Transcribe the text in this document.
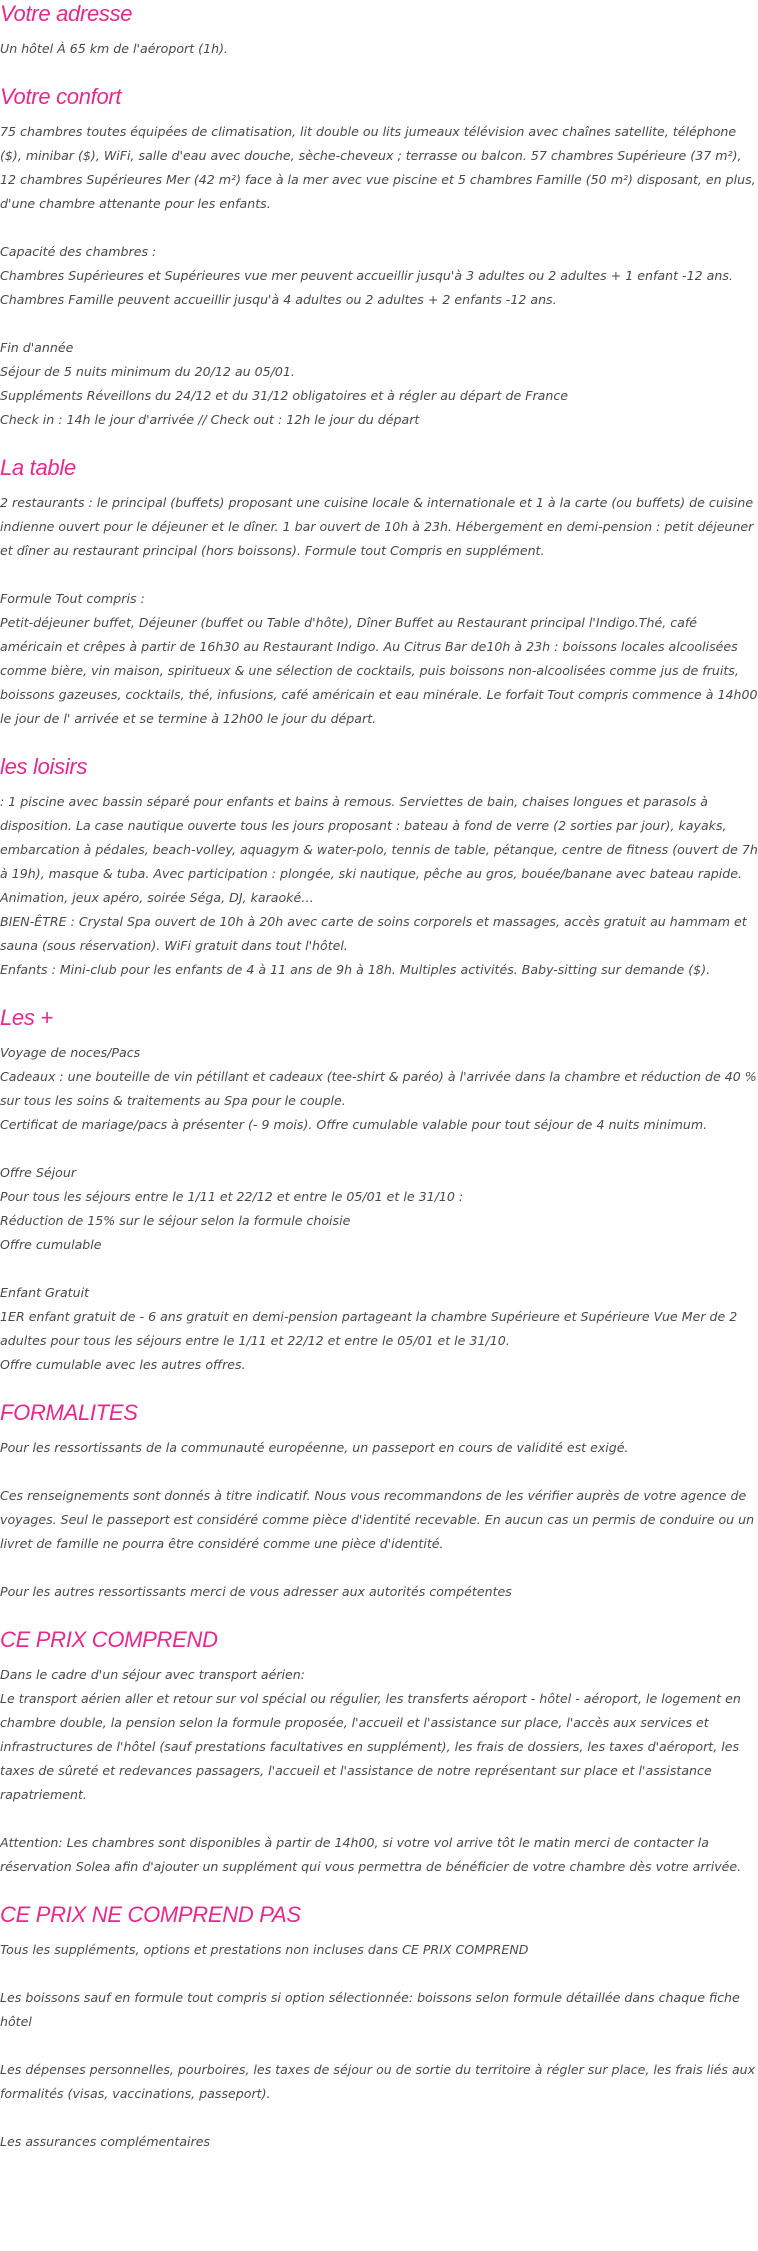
Votre adresse
Un hôtel À 65 km de l'aéroport (1h).
Votre confort
75 chambres toutes équipées de climatisation, lit double ou lits jumeaux télévision avec chaînes satellite, téléphone ($), minibar ($), WiFi, salle d'eau avec douche, sèche-cheveux ; terrasse ou balcon. 57 chambres Supérieure (37 m²), 12 chambres Supérieures Mer (42 m²) face à la mer avec vue piscine et 5 chambres Famille (50 m²) disposant, en plus, d'une chambre attenante pour les enfants.
Capacité des chambres :
Chambres Supérieures et Supérieures vue mer peuvent accueillir jusqu'à 3 adultes ou 2 adultes + 1 enfant -12 ans.
Chambres Famille peuvent accueillir jusqu'à 4 adultes ou 2 adultes + 2 enfants -12 ans.
Fin d'année
Séjour de 5 nuits minimum du 20/12 au 05/01.
Suppléments Réveillons du 24/12 et du 31/12 obligatoires et à régler au départ de France
Check in : 14h le jour d'arrivée // Check out : 12h le jour du départ
La table
2 restaurants : le principal (buffets) proposant une cuisine locale & internationale et 1 à la carte (ou buffets) de cuisine indienne ouvert pour le déjeuner et le dîner. 1 bar ouvert de 10h à 23h. Hébergement en demi-pension : petit déjeuner et dîner au restaurant principal (hors boissons). Formule tout Compris en supplément.
Formule Tout compris :
Petit-déjeuner buffet, Déjeuner (buffet ou Table d'hôte), Dîner Buffet au Restaurant principal l'Indigo.Thé, café américain et crêpes à partir de 16h30 au Restaurant Indigo. Au Citrus Bar de10h à 23h : boissons locales alcoolisées comme bière, vin maison, spiritueux & une sélection de cocktails, puis boissons non-alcoolisées comme jus de fruits, boissons gazeuses, cocktails, thé, infusions, café américain et eau minérale. Le forfait Tout compris commence à 14h00 le jour de l' arrivée et se termine à 12h00 le jour du départ.
les loisirs
: 1 piscine avec bassin séparé pour enfants et bains à remous. Serviettes de bain, chaises longues et parasols à disposition. La case nautique ouverte tous les jours proposant : bateau à fond de verre (2 sorties par jour), kayaks, embarcation à pédales, beach-volley, aquagym & water-polo, tennis de table, pétanque, centre de fitness (ouvert de 7h à 19h), masque & tuba. Avec participation : plongée, ski nautique, pêche au gros, bouée/banane avec bateau rapide. Animation, jeux apéro, soirée Séga, DJ, karaoké…
BIEN-ÊTRE : Crystal Spa ouvert de 10h à 20h avec carte de soins corporels et massages, accès gratuit au hammam et sauna (sous réservation). WiFi gratuit dans tout l'hôtel.
Enfants : Mini-club pour les enfants de 4 à 11 ans de 9h à 18h. Multiples activités. Baby-sitting sur demande ($).
Les +
Voyage de noces/Pacs
Cadeaux : une bouteille de vin pétillant et cadeaux (tee-shirt & paréo) à l'arrivée dans la chambre et réduction de 40 % sur tous les soins & traitements au Spa pour le couple.
Certificat de mariage/pacs à présenter (- 9 mois). Offre cumulable valable pour tout séjour de 4 nuits minimum.
Offre Séjour
Pour tous les séjours entre le 1/11 et 22/12 et entre le 05/01 et le 31/10 :
Réduction de 15% sur le séjour selon la formule choisie
Offre cumulable
Enfant Gratuit
1ER enfant gratuit de - 6 ans gratuit en demi-pension partageant la chambre Supérieure et Supérieure Vue Mer de 2 adultes pour tous les séjours entre le 1/11 et 22/12 et entre le 05/01 et le 31/10.
Offre cumulable avec les autres offres.
FORMALITES
Pour les ressortissants de la communauté européenne, un passeport en cours de validité est exigé.
Ces renseignements sont donnés à titre indicatif. Nous vous recommandons de les vérifier auprès de votre agence de voyages. Seul le passeport est considéré comme pièce d'identité recevable. En aucun cas un permis de conduire ou un livret de famille ne pourra être considéré comme une pièce d'identité.
Pour les autres ressortissants merci de vous adresser aux autorités compétentes
CE PRIX COMPREND
Dans le cadre d'un séjour avec transport aérien:
Le transport aérien aller et retour sur vol spécial ou régulier, les transferts aéroport - hôtel - aéroport, le logement en chambre double, la pension selon la formule proposée, l'accueil et l'assistance sur place, l'accès aux services et infrastructures de l'hôtel (sauf prestations facultatives en supplément), les frais de dossiers, les taxes d'aéroport, les taxes de sûreté et redevances passagers, l'accueil et l'assistance de notre représentant sur place et l'assistance rapatriement.
Attention: Les chambres sont disponibles à partir de 14h00, si votre vol arrive tôt le matin merci de contacter la réservation Solea afin d'ajouter un supplément qui vous permettra de bénéficier de votre chambre dès votre arrivée.
CE PRIX NE COMPREND PAS
Tous les suppléments, options et prestations non incluses dans CE PRIX COMPREND
Les boissons sauf en formule tout compris si option sélectionnée: boissons selon formule détaillée dans chaque fiche hôtel
Les dépenses personnelles, pourboires, les taxes de séjour ou de sortie du territoire à régler sur place, les frais liés aux formalités (visas, vaccinations, passeport).
Les assurances complémentaires
